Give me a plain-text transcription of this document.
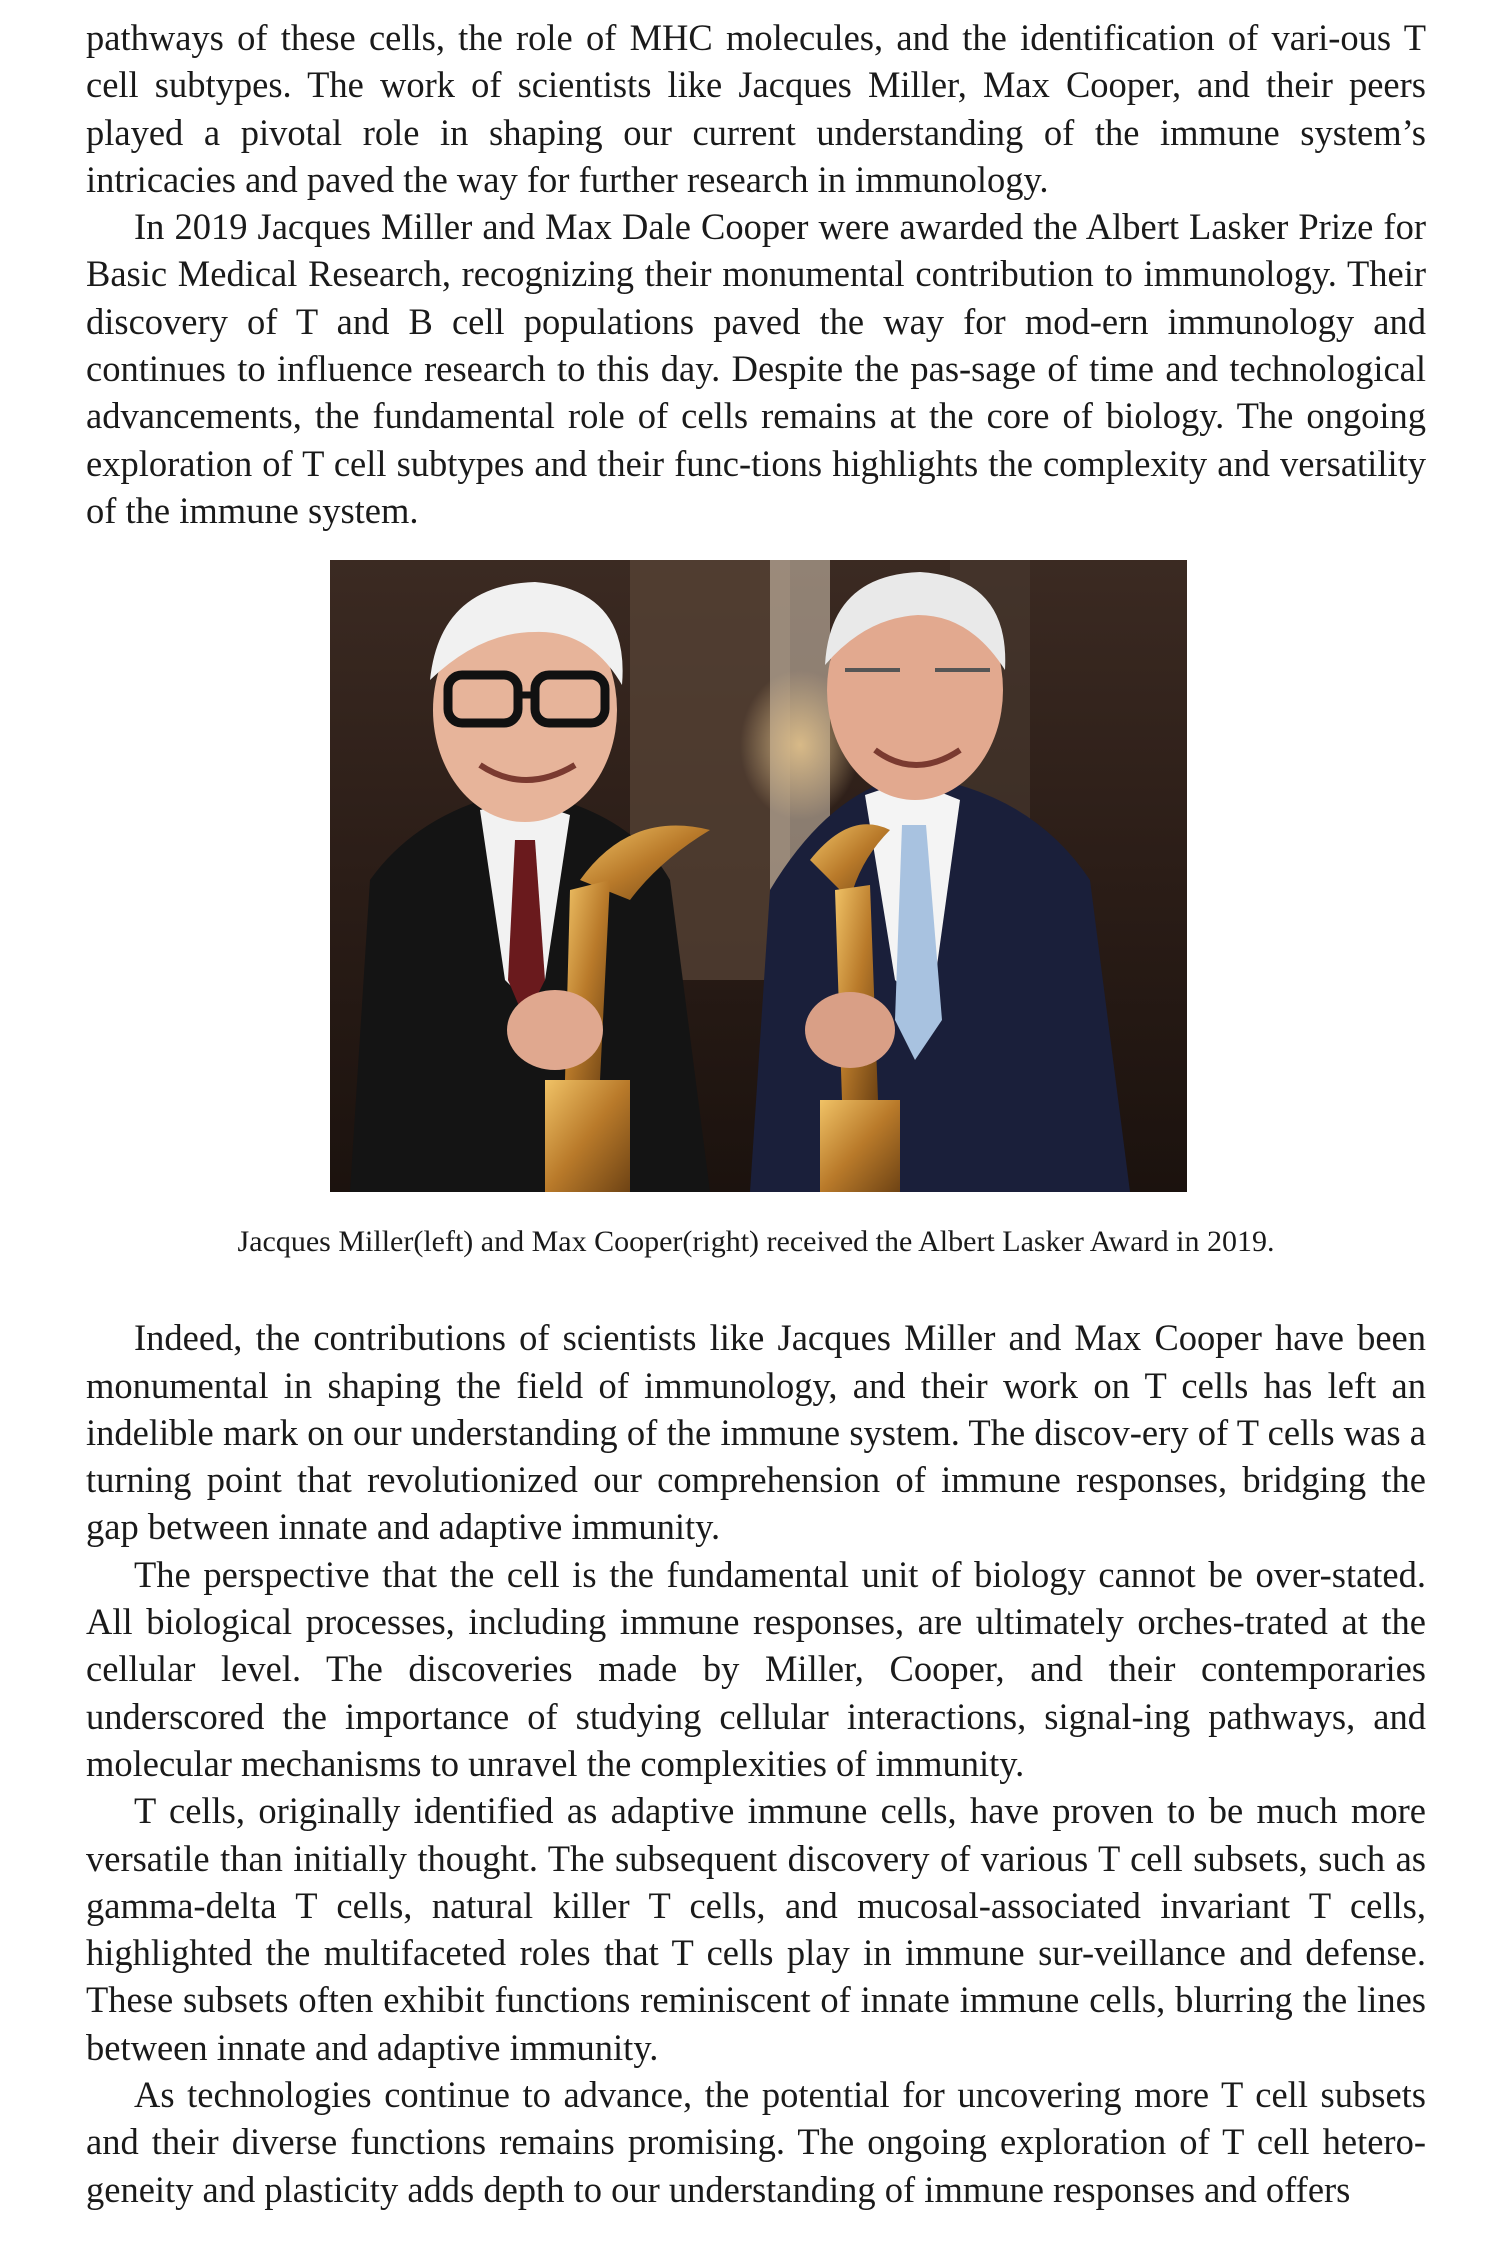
pathways of these cells, the role of MHC molecules, and the identification of vari-ous T cell subtypes. The work of scientists like Jacques Miller, Max Cooper, and their peers played a pivotal role in shaping our current understanding of the immune system’s intricacies and paved the way for further research in immunology.

In 2019 Jacques Miller and Max Dale Cooper were awarded the Albert Lasker Prize for Basic Medical Research, recognizing their monumental contribution to immunology. Their discovery of T and B cell populations paved the way for mod-ern immunology and continues to influence research to this day. Despite the pas-sage of time and technological advancements, the fundamental role of cells remains at the core of biology. The ongoing exploration of T cell subtypes and their func-tions highlights the complexity and versatility of the immune system.

Jacques Miller(left) and Max Cooper(right) received the Albert Lasker Award in 2019.

Indeed, the contributions of scientists like Jacques Miller and Max Cooper have been monumental in shaping the field of immunology, and their work on T cells has left an indelible mark on our understanding of the immune system. The discov-ery of T cells was a turning point that revolutionized our comprehension of immune responses, bridging the gap between innate and adaptive immunity.

The perspective that the cell is the fundamental unit of biology cannot be over-stated. All biological processes, including immune responses, are ultimately orches-trated at the cellular level. The discoveries made by Miller, Cooper, and their contemporaries underscored the importance of studying cellular interactions, signal-ing pathways, and molecular mechanisms to unravel the complexities of immunity.

T cells, originally identified as adaptive immune cells, have proven to be much more versatile than initially thought. The subsequent discovery of various T cell subsets, such as gamma-delta T cells, natural killer T cells, and mucosal-associated invariant T cells, highlighted the multifaceted roles that T cells play in immune sur-veillance and defense. These subsets often exhibit functions reminiscent of innate immune cells, blurring the lines between innate and adaptive immunity.

As technologies continue to advance, the potential for uncovering more T cell subsets and their diverse functions remains promising. The ongoing exploration of T cell hetero-geneity and plasticity adds depth to our understanding of immune responses and offers
